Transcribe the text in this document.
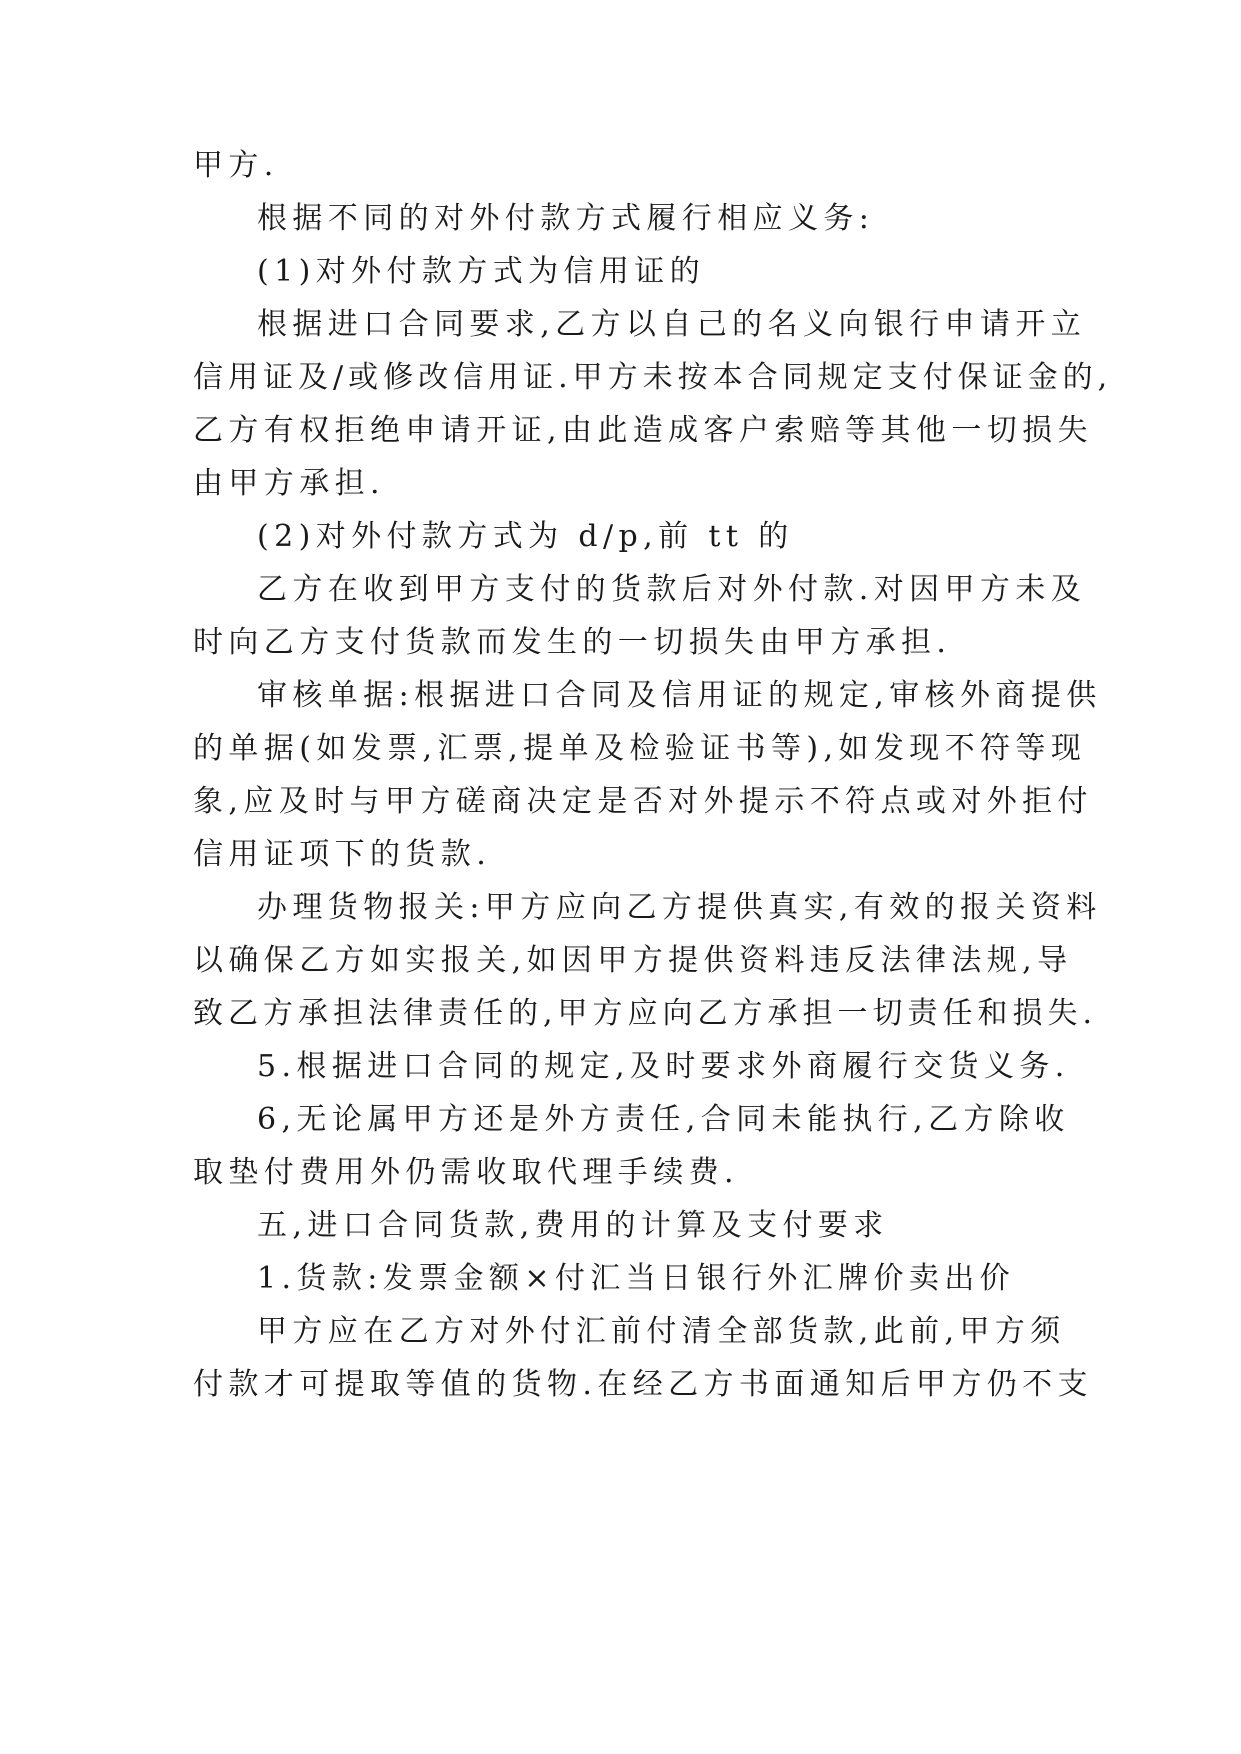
甲方.
根据不同的对外付款方式履行相应义务:
(1)对外付款方式为信用证的
根据进口合同要求,乙方以自己的名义向银行申请开立
信用证及/或修改信用证.甲方未按本合同规定支付保证金的,
乙方有权拒绝申请开证,由此造成客户索赔等其他一切损失
由甲方承担.
(2)对外付款方式为 d/p,前 tt 的
乙方在收到甲方支付的货款后对外付款.对因甲方未及
时向乙方支付货款而发生的一切损失由甲方承担.
审核单据:根据进口合同及信用证的规定,审核外商提供
的单据(如发票,汇票,提单及检验证书等),如发现不符等现
象,应及时与甲方磋商决定是否对外提示不符点或对外拒付
信用证项下的货款.
办理货物报关:甲方应向乙方提供真实,有效的报关资料
以确保乙方如实报关,如因甲方提供资料违反法律法规,导
致乙方承担法律责任的,甲方应向乙方承担一切责任和损失.
5.根据进口合同的规定,及时要求外商履行交货义务.
6,无论属甲方还是外方责任,合同未能执行,乙方除收
取垫付费用外仍需收取代理手续费.
五,进口合同货款,费用的计算及支付要求
1.货款:发票金额×付汇当日银行外汇牌价卖出价
甲方应在乙方对外付汇前付清全部货款,此前,甲方须
付款才可提取等值的货物.在经乙方书面通知后甲方仍不支
